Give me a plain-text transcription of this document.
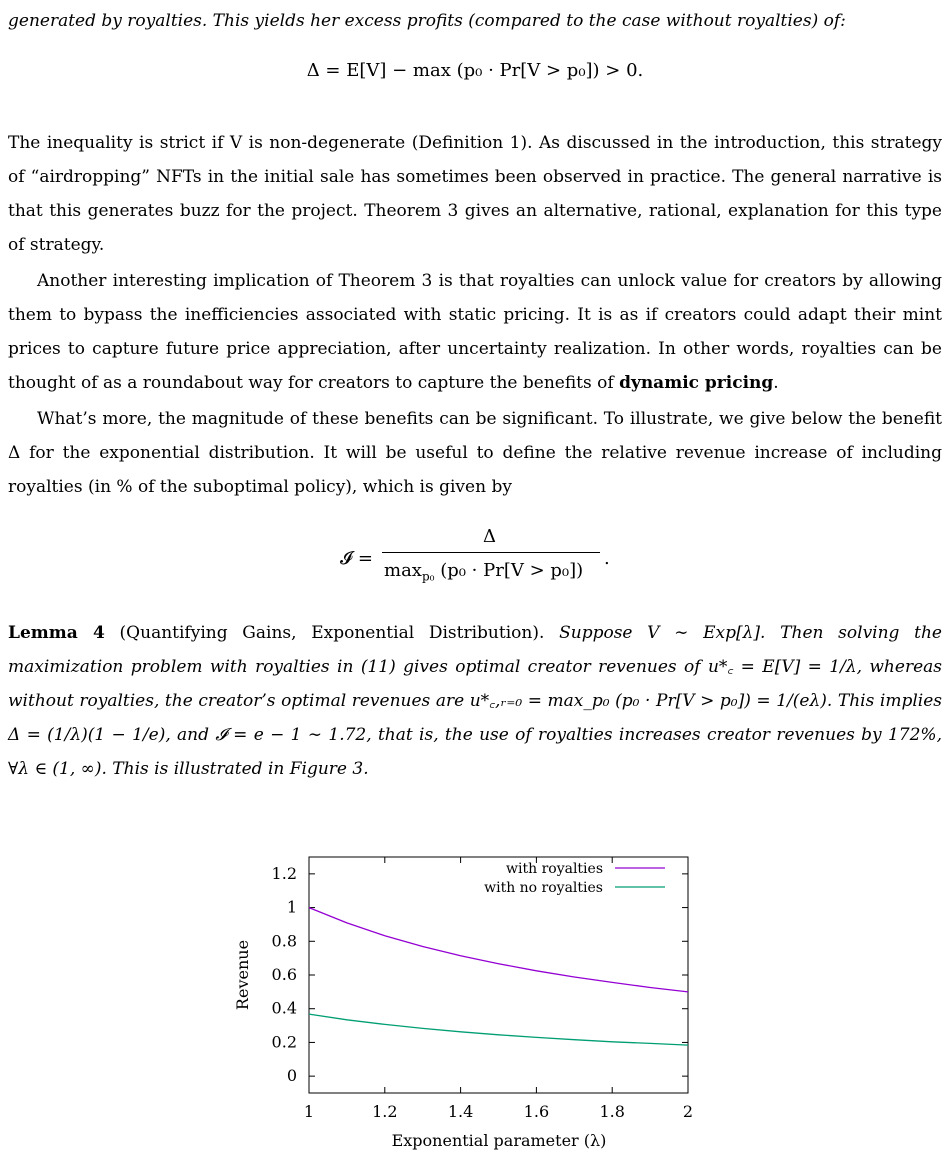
generated by royalties. This yields her excess profits (compared to the case without royalties) of:

Δ = E[V] − max (p₀ · Pr[V > p₀]) > 0.

The inequality is strict if V is non-degenerate (Definition 1). As discussed in the introduction, this strategy of “airdropping” NFTs in the initial sale has sometimes been observed in practice. The general narrative is that this generates buzz for the project. Theorem 3 gives an alternative, rational, explanation for this type of strategy.

Another interesting implication of Theorem 3 is that royalties can unlock value for creators by allowing them to bypass the inefficiencies associated with static pricing. It is as if creators could adapt their mint prices to capture future price appreciation, after uncertainty realization. In other words, royalties can be thought of as a roundabout way for creators to capture the benefits of dynamic pricing.

What’s more, the magnitude of these benefits can be significant. To illustrate, we give below the benefit Δ for the exponential distribution. It will be useful to define the relative revenue increase of including royalties (in % of the suboptimal policy), which is given by

𝓘 =
Δ
$\max_{p_0} (p_0 \cdot Pr[V > p_0])$
.

Lemma 4 (Quantifying Gains, Exponential Distribution). Suppose V ∼ Exp[λ]. Then solving the maximization problem with royalties in (11) gives optimal creator revenues of u*꜀ = E[V] = 1/λ, whereas without royalties, the creator’s optimal revenues are u*꜀,ᵣ₌₀ = max_p₀ (p₀ · Pr[V > p₀]) = 1/(eλ). This implies Δ = (1/λ)(1 − 1/e), and 𝓘 = e − 1 ∼ 1.72, that is, the use of royalties increases creator revenues by 172%, ∀λ ∈ (1, ∞). This is illustrated in Figure 3.

1	1.2	1.4	1.6	1.8	2
0
0.2
0.4
0.6
0.8
1
1.2	with royalties
with no royalties
Exponential parameter (λ)
Revenue
